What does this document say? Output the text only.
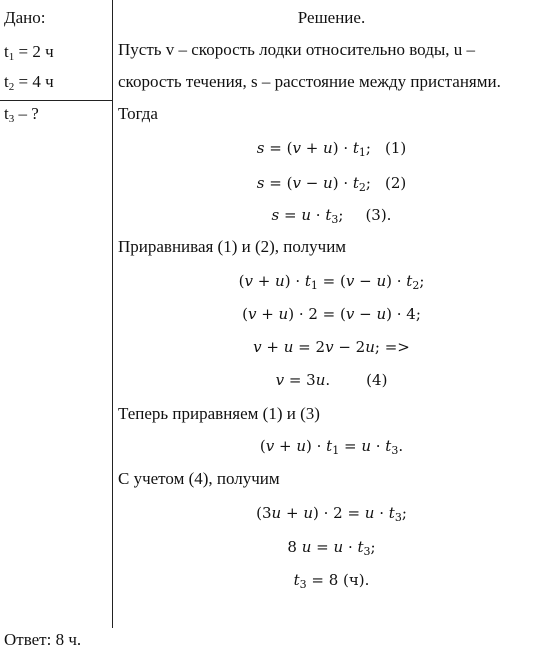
Дано:
$t_1 = 2$ ч
$t_2 = 4$ ч
$t_3$ – ?
Решение.
Пусть v – скорость лодки относительно воды, u –
скорость течения, s – расстояние между пристанями.
Тогда
$s = (v + u) \cdot t_1$; (1)
$s = (v - u) \cdot t_2$; (2)
$s = u \cdot t_3$; (3).
Приравнивая (1) и (2), получим
$(v + u) \cdot t_1 = (v - u) \cdot t_2$;
(v + u) · 2 = (v − u) · 4;
v + u = 2v − 2u; =>
v = 3u. (4)
Теперь приравняем (1) и (3)
$(v + u) \cdot t_1 = u \cdot t_3$.
С учетом (4), получим
$(3u + u) \cdot 2 = u \cdot t_3$;
8 $u = u \cdot t_3$;
$t_3 = 8$ (ч).
Ответ: 8 ч.
